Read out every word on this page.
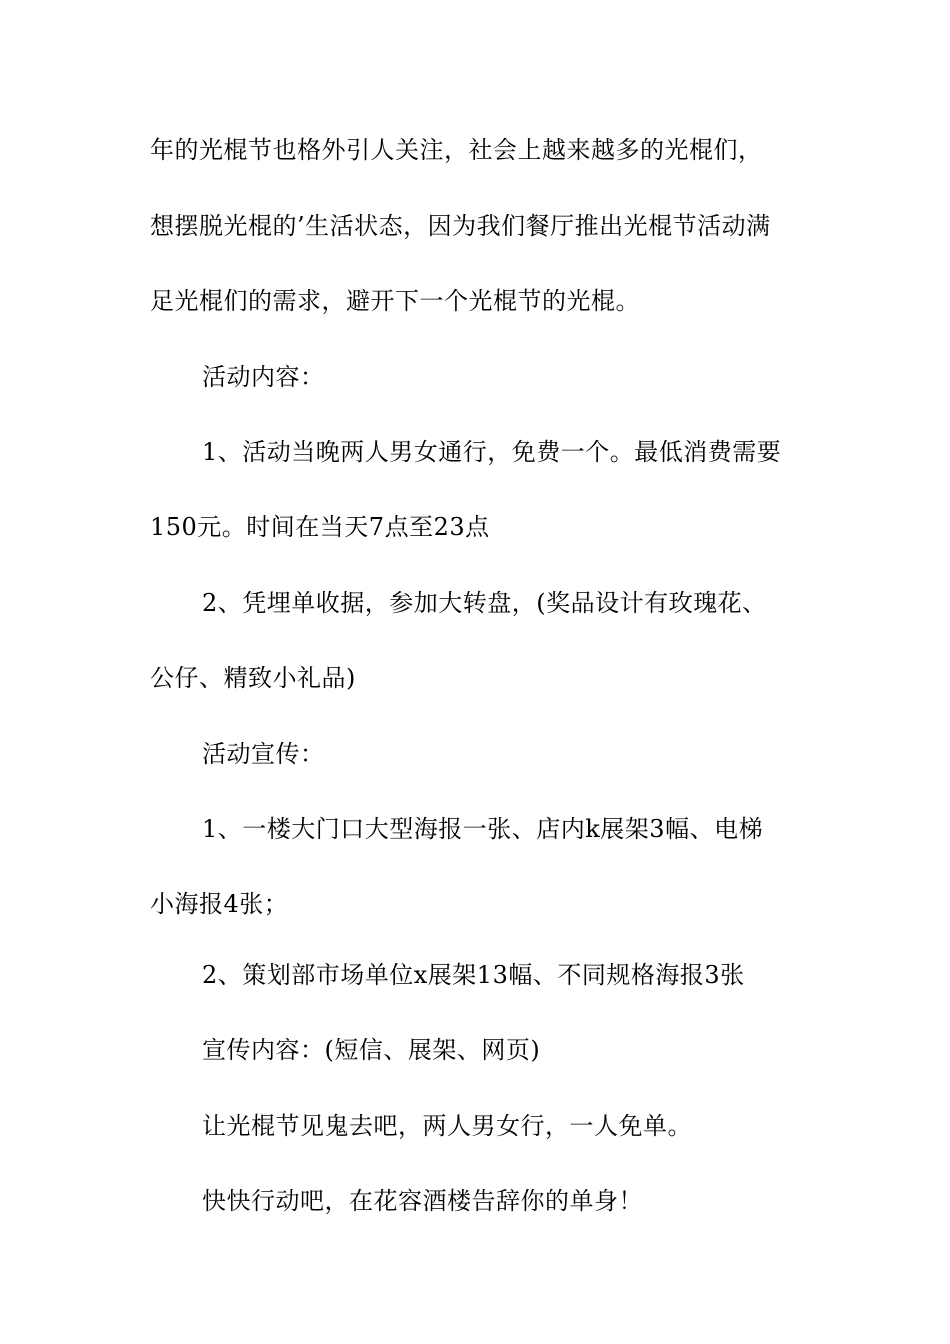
年的光棍节也格外引人关注，社会上越来越多的光棍们，
想摆脱光棍的’生活状态，因为我们餐厅推出光棍节活动满
足光棍们的需求，避开下一个光棍节的光棍。
活动内容：
1、活动当晚两人男女通行，免费一个。最低消费需要
150元。时间在当天7点至23点
2、凭埋单收据，参加大转盘，(奖品设计有玫瑰花、
公仔、精致小礼品)
活动宣传：
1、一楼大门口大型海报一张、店内k展架3幅、电梯
小海报4张；
2、策划部市场单位x展架13幅、不同规格海报3张
宣传内容：(短信、展架、网页)
让光棍节见鬼去吧，两人男女行，一人免单。
快快行动吧，在花容酒楼告辞你的单身！
